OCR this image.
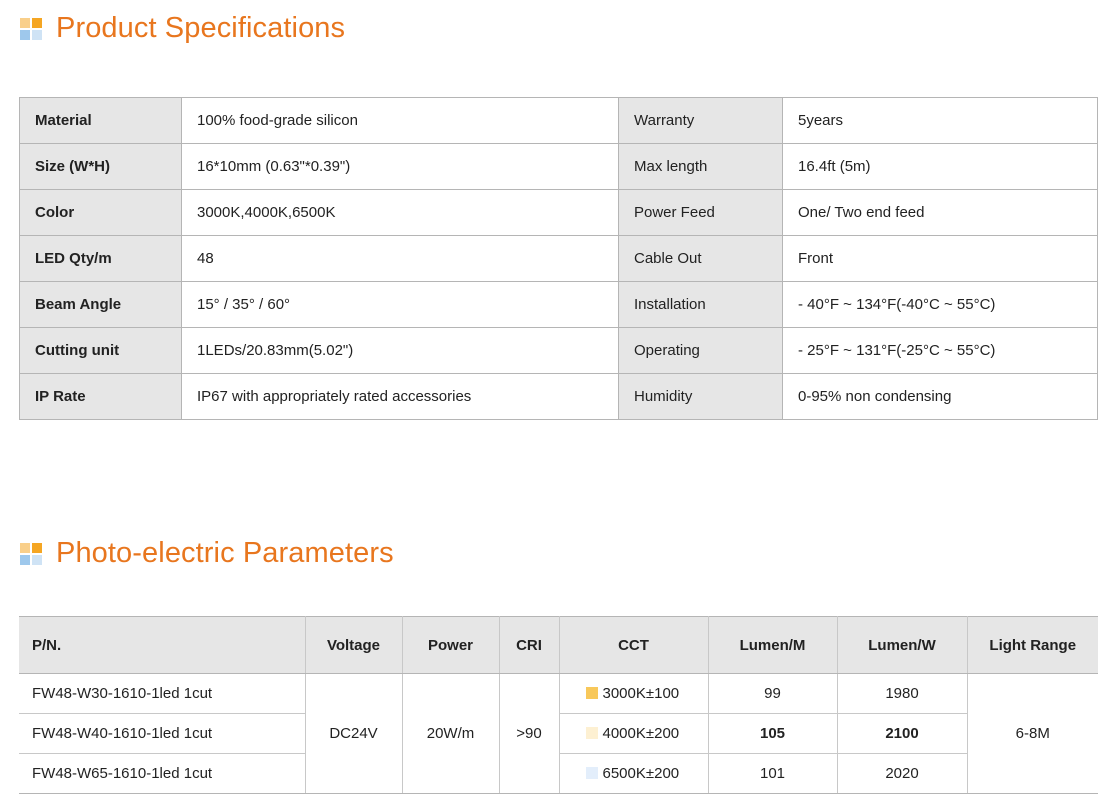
Product Specifications
Material	100% food-grade silicon	Warranty	5years
Size (W*H)	16*10mm (0.63"*0.39")	Max length	16.4ft (5m)
Color	3000K,4000K,6500K	Power Feed	One/ Two end feed
LED Qty/m	48	Cable Out	Front
Beam Angle	15° / 35° / 60°	Installation	- 40°F ~ 134°F(-40°C ~ 55°C)
Cutting unit	1LEDs/20.83mm(5.02")	Operating	- 25°F ~ 131°F(-25°C ~ 55°C)
IP Rate	IP67 with appropriately rated accessories	Humidity	0-95% non condensing
Photo-electric Parameters
P/N.	Voltage	Power	CRI	CCT	Lumen/M	Lumen/W	Light Range
FW48-W30-1610-1led 1cut	DC24V	20W/m	>90	3000K±100	99	1980	6-8M
FW48-W40-1610-1led 1cut				4000K±200	105	2100	
FW48-W65-1610-1led 1cut				6500K±200	101	2020	
